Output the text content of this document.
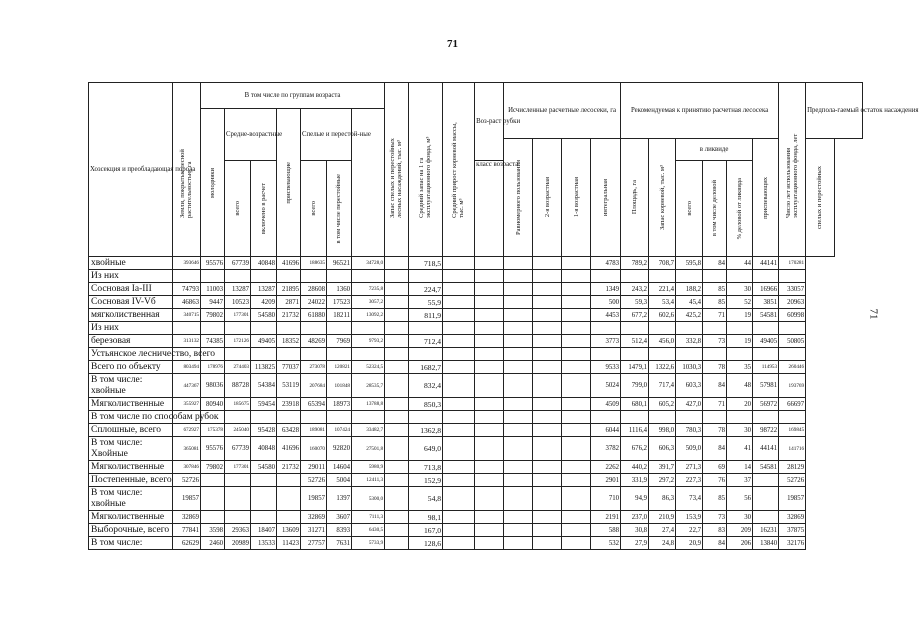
71
71
Хозсекция и преобладающая порода	Земли, покрытые лесной растительностью, га	В том числе по группам возраста							Запас спелых и перестойных лесных насаждений, тыс. м³	Средний запас на 1 га эксплуатационного фонда, м³	Средний прирост корневой массы, тыс. м³	Воз-раст рубки	Исчисленные расчетные лесосеки, га				Рекомендуемая к принятию расчетная лесосека						Число лет использования эксплуатационного фонда, лет	Предпола-гаемый остаток насаждения

		молодняки	Средне-возрастные		приспевающие	Спелые и перестой-ные																		

													Равномерного пользования	2-я возрастная	1-я возрастная	интегральная	Площадь, га	Запас корневой, тыс. м³	в ликвиде			приспевающих		спелых и перестойных

			всего	включено в расчет		всего	в том числе перестойные					класс возраста							всего	в том числе деловой	% деловой от ликвида			

хвойные	393646	95576	67739	40848	41696	188635	96521	34728,0		718,5						4783	789,2	708,7	595,8	84	44	44141	170281	
Из них																								
Сосновая Iа-III	74793	11003	13287	13287	21895	28608	1360	7235,8		224,7						1349	243,2	221,4	188,2	85	30	16966	33057	
Сосновая IV-Vб	46863	9447	10523	4209	2871	24022	17523	3057,2		55,9						500	59,3	53,4	45,4	85	52	3851	20963	
мягколиственная	340715	79802	177301	54580	21732	61880	18211	13092,2		811,9						4453	677,2	602,6	425,2	71	19	54581	60998	
Из них																								
березовая	313132	74385	172126	49405	18352	48269	7969	9793,2		712,4						3773	512,4	456,0	332,8	73	19	49405	50805	
Устьянское лесничество, всего																								
Всего по объекту	803494	178976	274403	113825	77037	273078	120821	52324,5		1682,7						9533	1479,1	1322,6	1030,3	78	35	114953	260446	
В том числе: хвойные	447367	98036	88728	54384	53119	207684	101848	28535,7		832,4						5024	799,0	717,4	603,3	84	48	57981	193769	
Мягколиственные	355927	80940	185675	59454	23918	65394	18973	13788,8		850,3						4509	680,1	605,2	427,0	71	20	56972	66697	
В том числе по способам рубок																								
Сплошные, всего	672927	175378	245040	95428	63428	189081	107424	33482,7		1362,8						6044	1116,4	998,0	780,3	78	30	98722	169845	
В том числе: Хвойные	365081	95576	67739	40848	41696	160070	92820	27501,8		649,0						3782	676,2	606,3	509,0	84	41	44141	141716	
Мягколиственные	307846	79802	177301	54580	21732	29011	14604	5980,9		713,8						2262	440,2	391,7	271,3	69	14	54581	28129	
Постепенные, всего	52726					52726	5004	12411,3		152,9						2901	331,9	297,2	227,3	76	37		52726	
В том числе: хвойные	19857					19857	1397	5300,0		54,8						710	94,9	86,3	73,4	85	56		19857	
Мягколиственные	32869					32869	3607	7111,3		98,1						2191	237,0	210,9	153,9	73	30		32869	
Выборочные, всего	77841	3598	29363	18407	13609	31271	8393	6430,5		167,0						588	30,8	27,4	22,7	83	209	16231	37875	
В том числе:	62629	2460	20989	13533	11423	27757	7631	5733,9		128,6						532	27,9	24,8	20,9	84	206	13840	32176	
